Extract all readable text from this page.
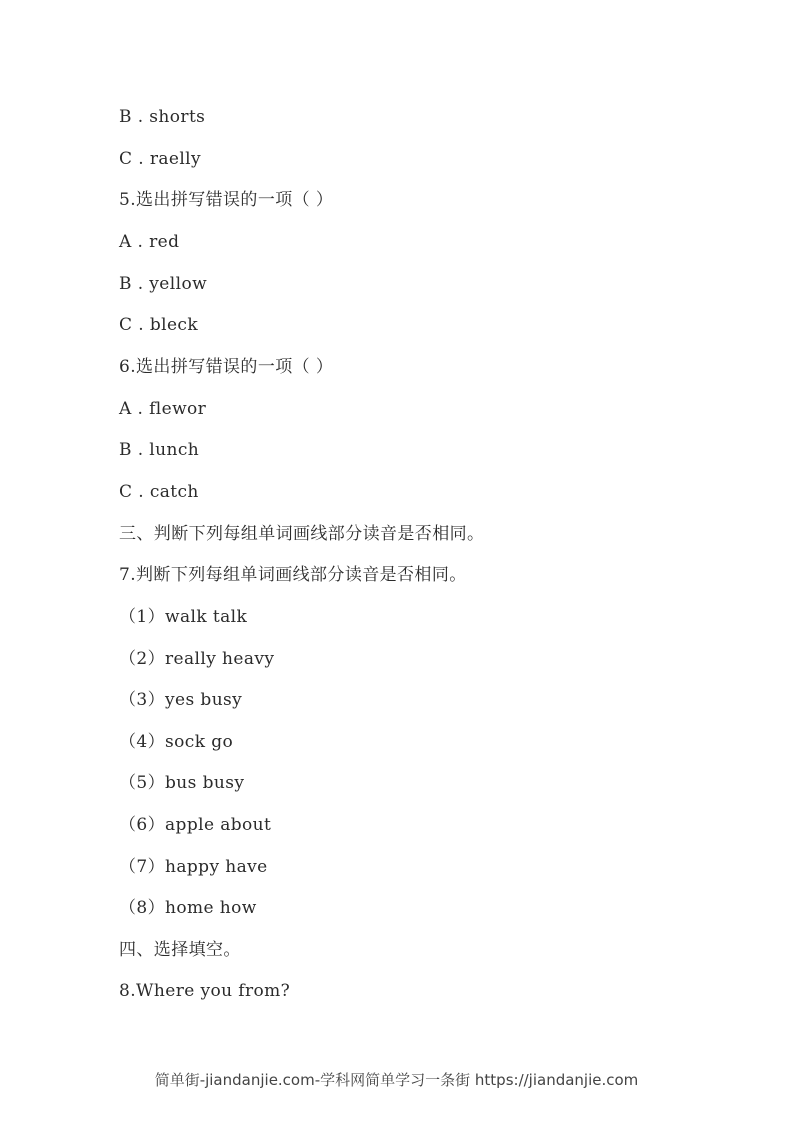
B . shorts
C . raelly
5.选出拼写错误的一项（ ）
A . red
B . yellow
C . bleck
6.选出拼写错误的一项（ ）
A . flewor
B . lunch
C . catch
三、判断下列每组单词画线部分读音是否相同。
7.判断下列每组单词画线部分读音是否相同。
（1）walk talk
（2）really heavy
（3）yes busy
（4）sock go
（5）bus busy
（6）apple about
（7）happy have
（8）home how
四、选择填空。
8.Where you from?
简单街-jiandanjie.com-学科网简单学习一条街 https://jiandanjie.com
